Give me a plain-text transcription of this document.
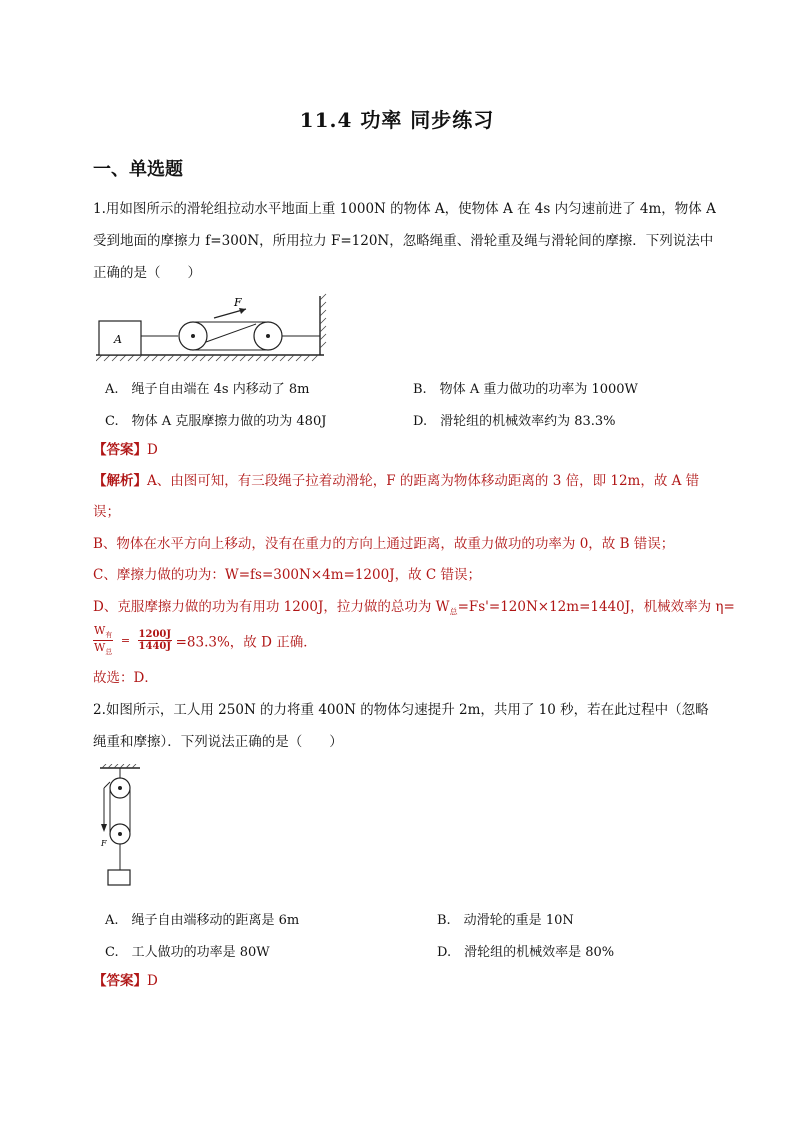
11.4 功率 同步练习
一、单选题
1.用如图所示的滑轮组拉动水平地面上重 1000N 的物体 A，使物体 A 在 4s 内匀速前进了 4m，物体 A
受到地面的摩擦力 f=300N，所用拉力 F=120N，忽略绳重、滑轮重及绳与滑轮间的摩擦．下列说法中
正确的是（　　）
A
F
A.　绳子自由端在 4s 内移动了 8m	B.　物体 A 重力做功的功率为 1000W
C.　物体 A 克服摩擦力做的功为 480J	D.　滑轮组的机械效率约为 83.3%
【答案】D
【解析】A、由图可知，有三段绳子拉着动滑轮，F 的距离为物体移动距离的 3 倍，即 12m，故 A 错
误；
B、物体在水平方向上移动，没有在重力的方向上通过距离，故重力做功的功率为 0，故 B 错误；
C、摩擦力做的功为：W=fs=300N×4m=1200J，故 C 错误；
D、克服摩擦力做的功为有用功 1200J，拉力做的总功为 $W_总=Fs'=120N\times 12m=1440J$，机械效率为 η=
$W_有$
$W_总$
= $\frac{1200J}{1440J} =83.3\%$，故 D 正确．
故选：D．
2.如图所示，工人用 250N 的力将重 400N 的物体匀速提升 2m，共用了 10 秒，若在此过程中（忽略
绳重和摩擦）．下列说法正确的是（　　）
F
A.　绳子自由端移动的距离是 6m	B.　动滑轮的重是 10N
C.　工人做功的功率是 80W	D.　滑轮组的机械效率是 80%
【答案】D
